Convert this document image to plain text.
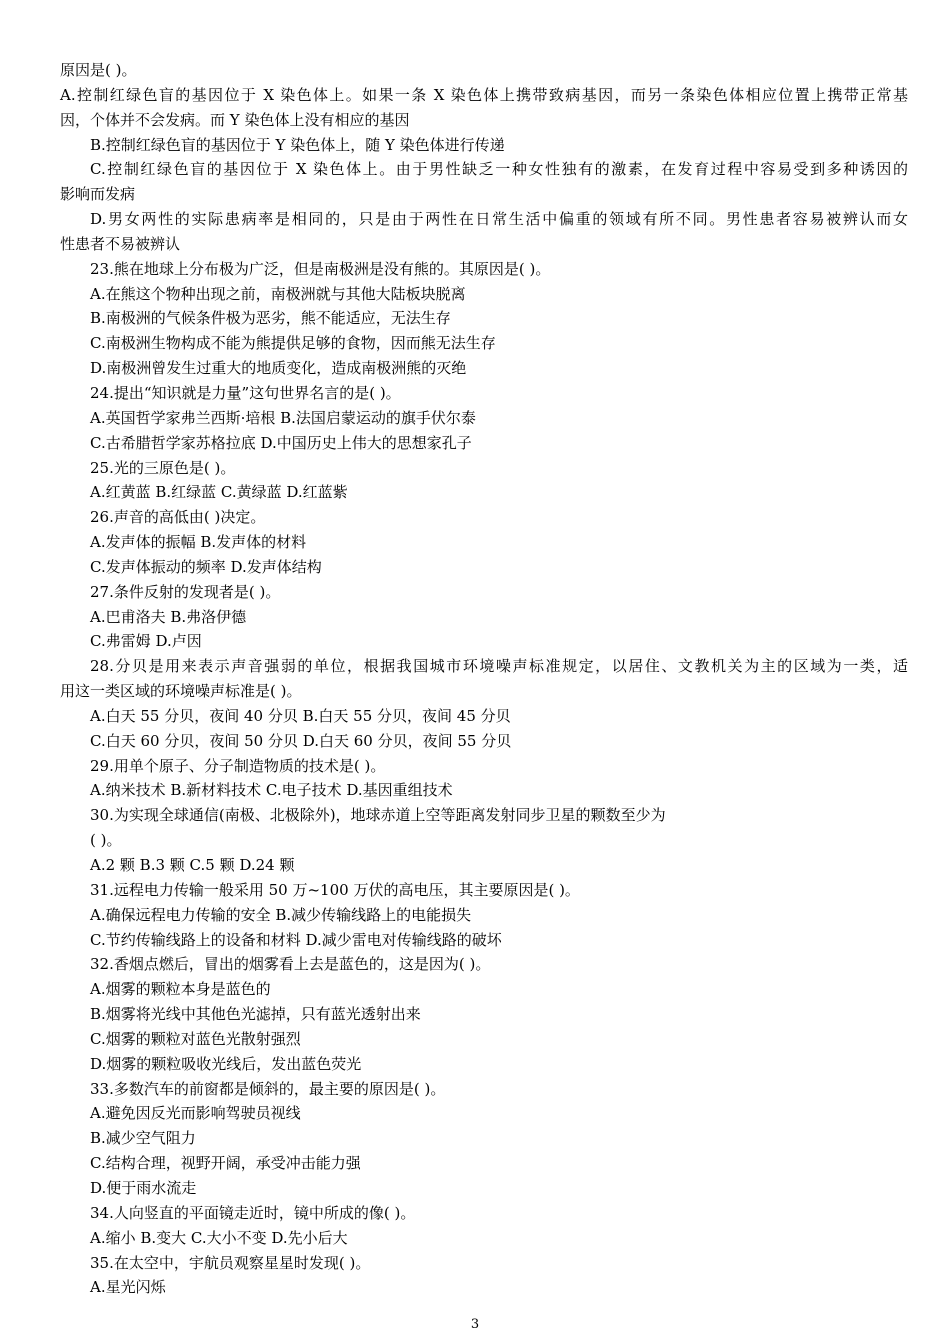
原因是( )。
A.控制红绿色盲的基因位于 X 染色体上。如果一条 X 染色体上携带致病基因，而另一条染色体相应位置上携带正常基
因，个体并不会发病。而 Y 染色体上没有相应的基因
B.控制红绿色盲的基因位于 Y 染色体上，随 Y 染色体进行传递
C.控制红绿色盲的基因位于 X 染色体上。由于男性缺乏一种女性独有的激素，在发育过程中容易受到多种诱因的
影响而发病
D.男女两性的实际患病率是相同的，只是由于两性在日常生活中偏重的领域有所不同。男性患者容易被辨认而女
性患者不易被辨认
23.熊在地球上分布极为广泛，但是南极洲是没有熊的。其原因是( )。
A.在熊这个物种出现之前，南极洲就与其他大陆板块脱离
B.南极洲的气候条件极为恶劣，熊不能适应，无法生存
C.南极洲生物构成不能为熊提供足够的食物，因而熊无法生存
D.南极洲曾发生过重大的地质变化，造成南极洲熊的灭绝
24.提出“知识就是力量”这句世界名言的是( )。
A.英国哲学家弗兰西斯·培根 B.法国启蒙运动的旗手伏尔泰
C.古希腊哲学家苏格拉底 D.中国历史上伟大的思想家孔子
25.光的三原色是( )。
A.红黄蓝 B.红绿蓝 C.黄绿蓝 D.红蓝紫
26.声音的高低由( )决定。
A.发声体的振幅 B.发声体的材料
C.发声体振动的频率 D.发声体结构
27.条件反射的发现者是( )。
A.巴甫洛夫 B.弗洛伊德
C.弗雷姆 D.卢因
28.分贝是用来表示声音强弱的单位，根据我国城市环境噪声标准规定，以居住、文教机关为主的区域为一类，适
用这一类区域的环境噪声标准是( )。
A.白天 55 分贝，夜间 40 分贝 B.白天 55 分贝，夜间 45 分贝
C.白天 60 分贝，夜间 50 分贝 D.白天 60 分贝，夜间 55 分贝
29.用单个原子、分子制造物质的技术是( )。
A.纳米技术 B.新材料技术 C.电子技术 D.基因重组技术
30.为实现全球通信(南极、北极除外)，地球赤道上空等距离发射同步卫星的颗数至少为
( )。
A.2 颗 B.3 颗 C.5 颗 D.24 颗
31.远程电力传输一般采用 50 万~100 万伏的高电压，其主要原因是( )。
A.确保远程电力传输的安全 B.减少传输线路上的电能损失
C.节约传输线路上的设备和材料 D.减少雷电对传输线路的破坏
32.香烟点燃后，冒出的烟雾看上去是蓝色的，这是因为( )。
A.烟雾的颗粒本身是蓝色的
B.烟雾将光线中其他色光滤掉，只有蓝光透射出来
C.烟雾的颗粒对蓝色光散射强烈
D.烟雾的颗粒吸收光线后，发出蓝色荧光
33.多数汽车的前窗都是倾斜的，最主要的原因是( )。
A.避免因反光而影响驾驶员视线
B.减少空气阻力
C.结构合理，视野开阔，承受冲击能力强
D.便于雨水流走
34.人向竖直的平面镜走近时，镜中所成的像( )。
A.缩小 B.变大 C.大小不变 D.先小后大
35.在太空中，宇航员观察星星时发现( )。
A.星光闪烁
3
